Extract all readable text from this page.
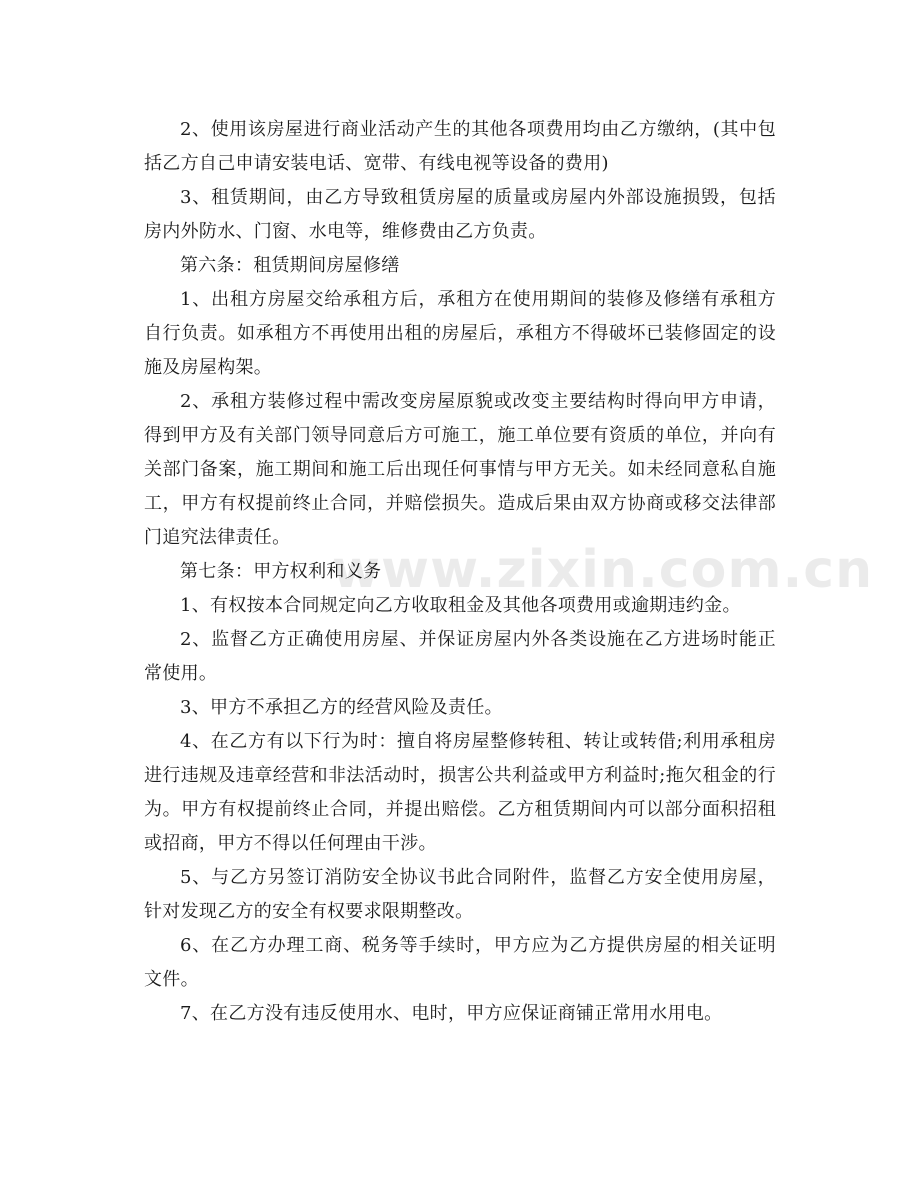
2、使用该房屋进行商业活动产生的其他各项费用均由乙方缴纳，(其中包括乙方自己申请安装电话、宽带、有线电视等设备的费用)

3、租赁期间，由乙方导致租赁房屋的质量或房屋内外部设施损毁，包括房内外防水、门窗、水电等，维修费由乙方负责。

第六条：租赁期间房屋修缮

1、出租方房屋交给承租方后，承租方在使用期间的装修及修缮有承租方自行负责。如承租方不再使用出租的房屋后，承租方不得破坏已装修固定的设施及房屋构架。

2、承租方装修过程中需改变房屋原貌或改变主要结构时得向甲方申请，得到甲方及有关部门领导同意后方可施工，施工单位要有资质的单位，并向有关部门备案，施工期间和施工后出现任何事情与甲方无关。如未经同意私自施工，甲方有权提前终止合同，并赔偿损失。造成后果由双方协商或移交法律部门追究法律责任。

第七条：甲方权利和义务

1、有权按本合同规定向乙方收取租金及其他各项费用或逾期违约金。

2、监督乙方正确使用房屋、并保证房屋内外各类设施在乙方进场时能正常使用。

3、甲方不承担乙方的经营风险及责任。

4、在乙方有以下行为时：擅自将房屋整修转租、转让或转借;利用承租房进行违规及违章经营和非法活动时，损害公共利益或甲方利益时;拖欠租金的行为。甲方有权提前终止合同，并提出赔偿。乙方租赁期间内可以部分面积招租或招商，甲方不得以任何理由干涉。

5、与乙方另签订消防安全协议书此合同附件，监督乙方安全使用房屋，针对发现乙方的安全有权要求限期整改。

6、在乙方办理工商、税务等手续时，甲方应为乙方提供房屋的相关证明文件。

7、在乙方没有违反使用水、电时，甲方应保证商铺正常用水用电。

www.zixin.com.cn
